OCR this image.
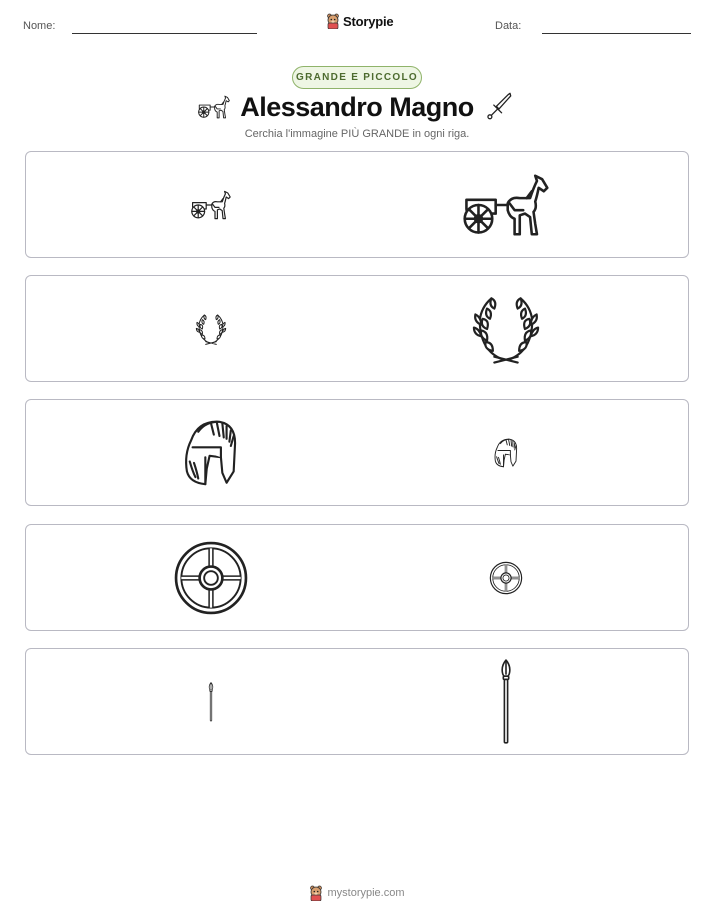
Nome:	Storypie	Data:
GRANDE E PICCOLO
Alessandro Magno
Cerchia l'immagine PIÙ GRANDE in ogni riga.
mystorypie.com
